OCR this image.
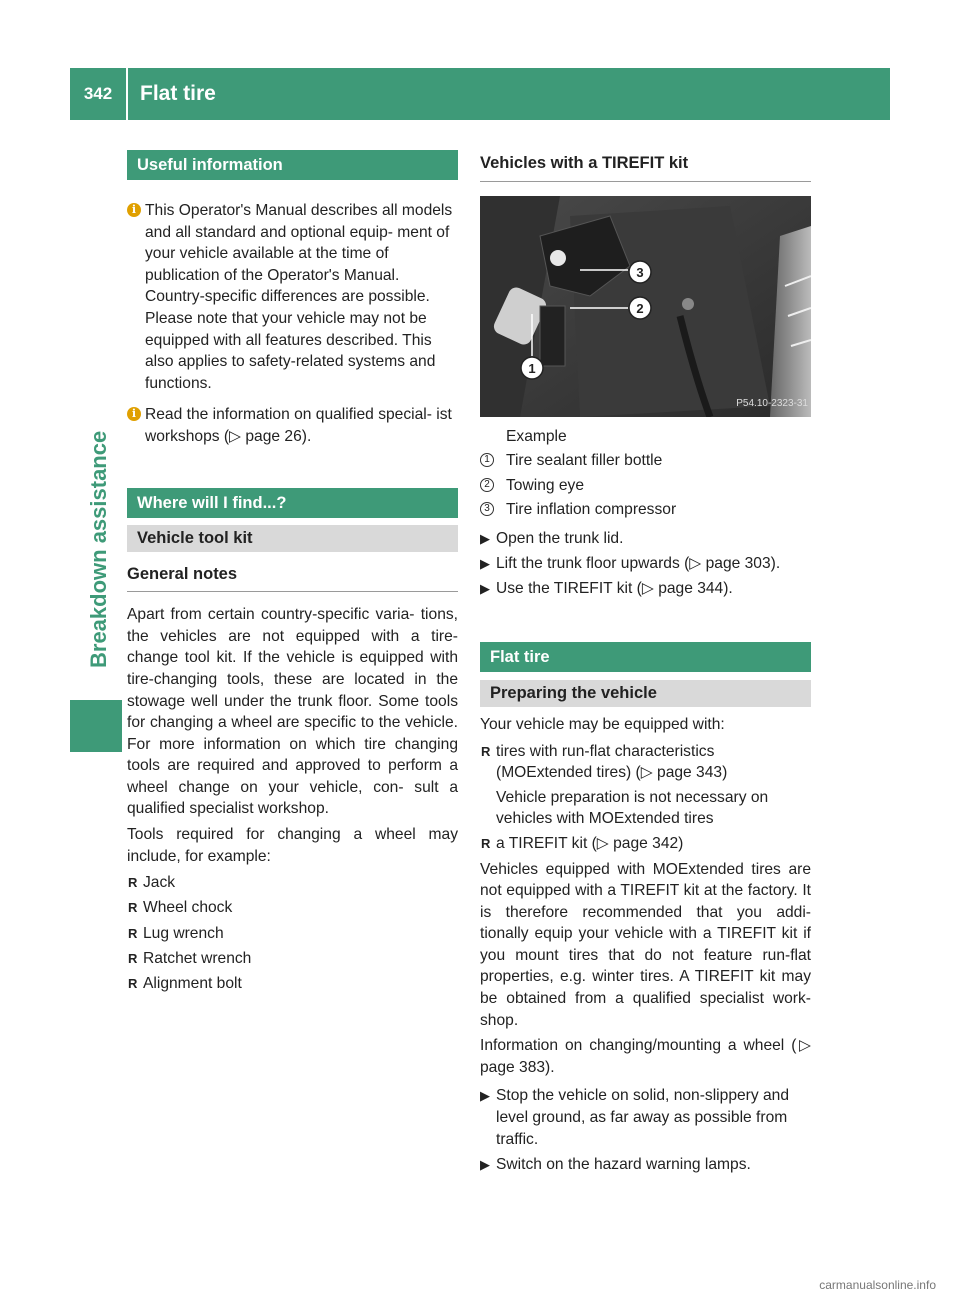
342	Flat tire
Breakdown assistance
Useful information
i This Operator's Manual describes all models and all standard and optional equip- ment of your vehicle available at the time of publication of the Operator's Manual. Country-specific differences are possible. Please note that your vehicle may not be equipped with all features described. This also applies to safety-related systems and functions.
i Read the information on qualified special- ist workshops (▷ page 26).
Where will I find...?
Vehicle tool kit
General notes
Apart from certain country-specific varia- tions, the vehicles are not equipped with a tire-change tool kit. If the vehicle is equipped with tire-changing tools, these are located in the stowage well under the trunk floor. Some tools for changing a wheel are specific to the vehicle. For more information on which tire changing tools are required and approved to perform a wheel change on your vehicle, con- sult a qualified specialist workshop.
Tools required for changing a wheel may include, for example:
R Jack
R Wheel chock
R Lug wrench
R Ratchet wrench
R Alignment bolt
Vehicles with a TIREFIT kit
3
2
1
P54.10-2323-31
Example
1 Tire sealant filler bottle
2 Towing eye
3 Tire inflation compressor
▶ Open the trunk lid.
▶ Lift the trunk floor upwards (▷ page 303).
▶ Use the TIREFIT kit (▷ page 344).
Flat tire
Preparing the vehicle
Your vehicle may be equipped with:
R tires with run-flat characteristics (MOExtended tires) (▷ page 343)
Vehicle preparation is not necessary on vehicles with MOExtended tires
R a TIREFIT kit (▷ page 342)
Vehicles equipped with MOExtended tires are not equipped with a TIREFIT kit at the factory. It is therefore recommended that you addi- tionally equip your vehicle with a TIREFIT kit if you mount tires that do not feature run-flat properties, e.g. winter tires. A TIREFIT kit may be obtained from a qualified specialist work- shop.
Information on changing/mounting a wheel (▷ page 383).
▶ Stop the vehicle on solid, non-slippery and level ground, as far away as possible from traffic.
▶ Switch on the hazard warning lamps.
carmanualsonline.info
